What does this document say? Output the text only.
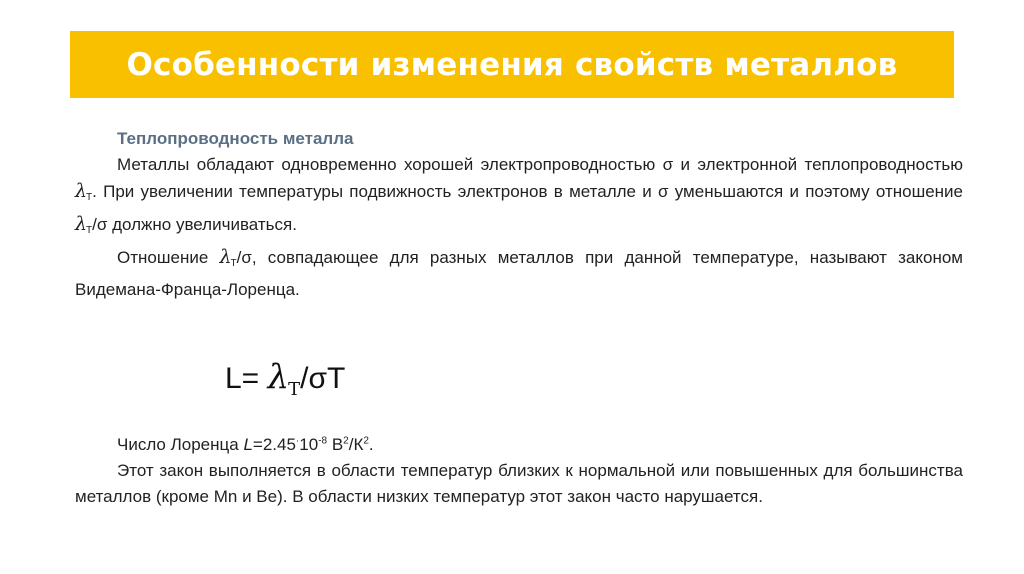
Особенности изменения свойств металлов
Теплопроводность металла

Металлы обладают одновременно хорошей электропроводностью σ и электронной теплопроводностью λТ. При увеличении температуры подвижность электронов в металле и σ уменьшаются и поэтому отношение λТ/σ должно увеличиваться.

Отношение λТ/σ, совпадающее для разных металлов при данной температуре, называют законом Видемана-Франца-Лоренца.

$L= \lambda_Т/\sigma T$

Число Лоренца $L=2.45^\cdot 10^{-8}$ $В^2/К^2$.

Этот закон выполняется в области температур близких к нормальной или повышенных для большинства металлов (кроме Mn и Be). В области низких температур этот закон часто нарушается.
